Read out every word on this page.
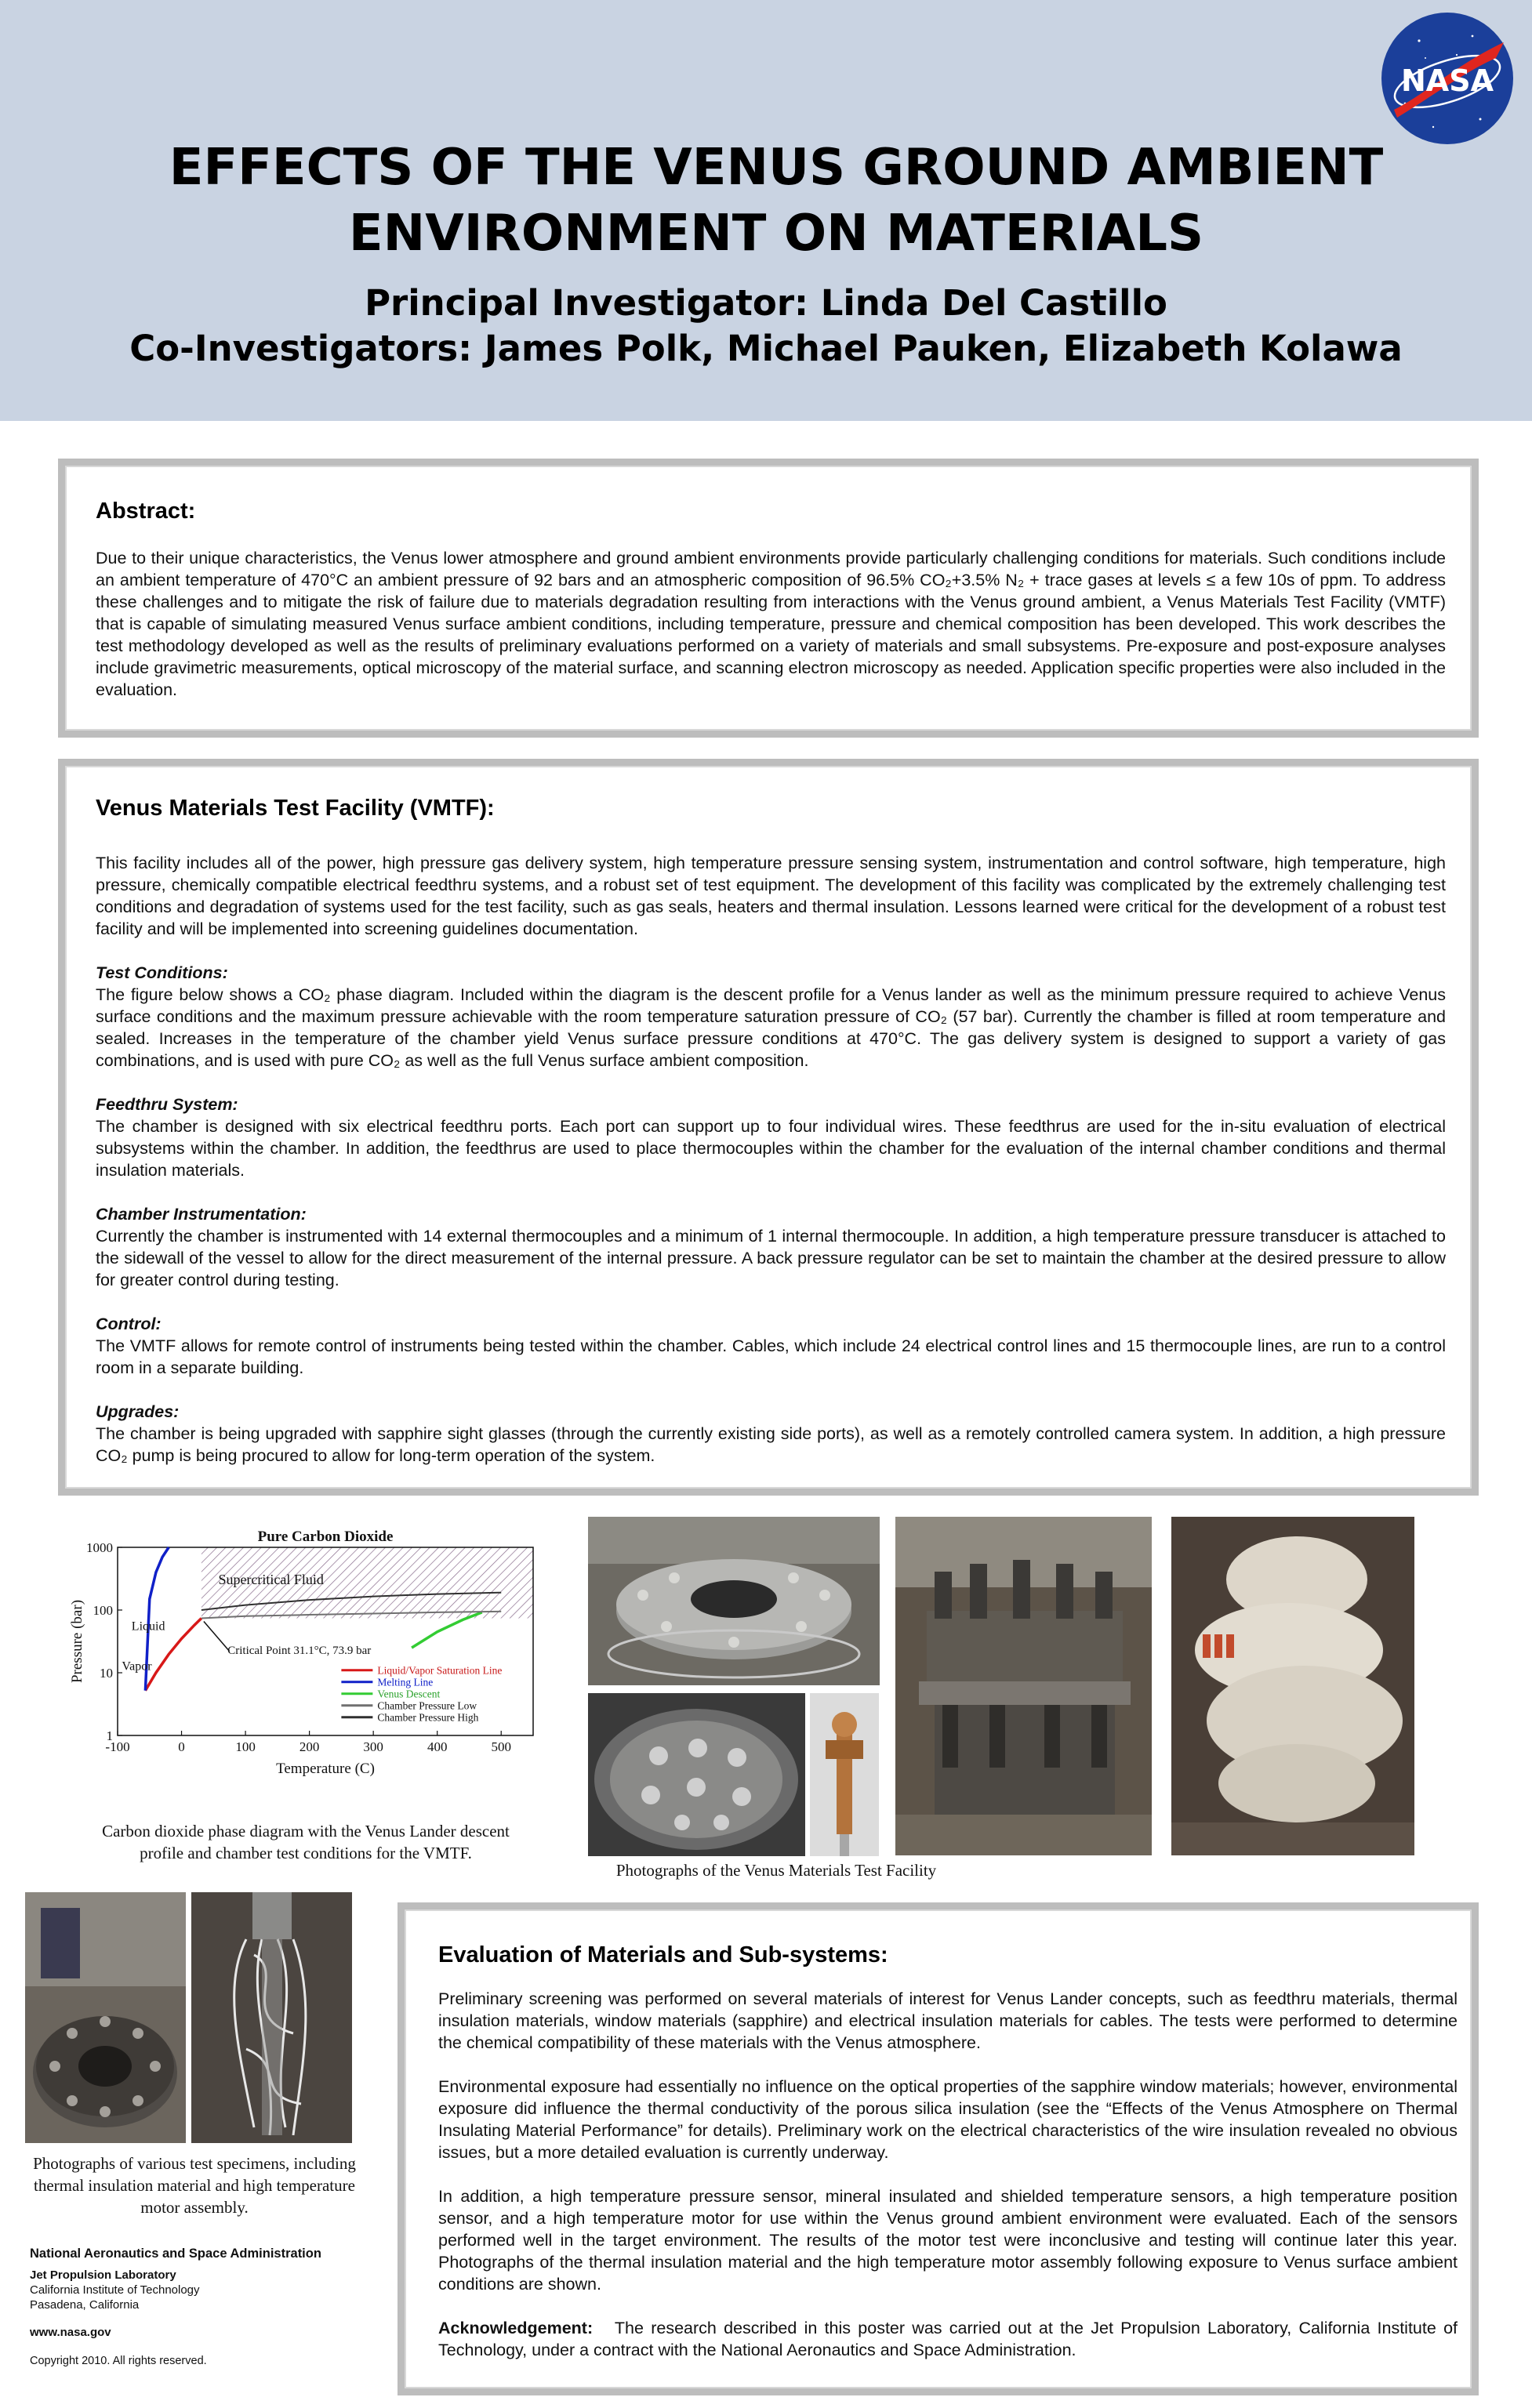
EFFECTS OF THE VENUS GROUND AMBIENT
ENVIRONMENT ON MATERIALS
Principal Investigator: Linda Del Castillo
Co-Investigators: James Polk, Michael Pauken, Elizabeth Kolawa
NASA
Abstract:
Due to their unique characteristics, the Venus lower atmosphere and ground ambient environments provide particularly challenging conditions for materials. Such conditions include an ambient temperature of 470°C an ambient pressure of 92 bars and an atmospheric composition of 96.5% CO₂+3.5% N₂ + trace gases at levels ≤ a few 10s of ppm. To address these challenges and to mitigate the risk of failure due to materials degradation resulting from interactions with the Venus ground ambient, a Venus Materials Test Facility (VMTF) that is capable of simulating measured Venus surface ambient conditions, including temperature, pressure and chemical composition has been developed. This work describes the test methodology developed as well as the results of preliminary evaluations performed on a variety of materials and small subsystems. Pre-exposure and post-exposure analyses include gravimetric measurements, optical microscopy of the material surface, and scanning electron microscopy as needed. Application specific properties were also included in the evaluation.
Venus Materials Test Facility (VMTF):

This facility includes all of the power, high pressure gas delivery system, high temperature pressure sensing system, instrumentation and control software, high temperature, high pressure, chemically compatible electrical feedthru systems, and a robust set of test equipment. The development of this facility was complicated by the extremely challenging test conditions and degradation of systems used for the test facility, such as gas seals, heaters and thermal insulation. Lessons learned were critical for the development of a robust test facility and will be implemented into screening guidelines documentation.

Test Conditions:

The figure below shows a CO₂ phase diagram. Included within the diagram is the descent profile for a Venus lander as well as the minimum pressure required to achieve Venus surface conditions and the maximum pressure achievable with the room temperature saturation pressure of CO₂ (57 bar). Currently the chamber is filled at room temperature and sealed. Increases in the temperature of the chamber yield Venus surface pressure conditions at 470°C. The gas delivery system is designed to support a variety of gas combinations, and is used with pure CO₂ as well as the full Venus surface ambient composition.

Feedthru System:

The chamber is designed with six electrical feedthru ports. Each port can support up to four individual wires. These feedthrus are used for the in-situ evaluation of electrical subsystems within the chamber. In addition, the feedthrus are used to place thermocouples within the chamber for the evaluation of the internal chamber conditions and thermal insulation materials.

Chamber Instrumentation:

Currently the chamber is instrumented with 14 external thermocouples and a minimum of 1 internal thermocouple. In addition, a high temperature pressure transducer is attached to the sidewall of the vessel to allow for the direct measurement of the internal pressure. A back pressure regulator can be set to maintain the chamber at the desired pressure to allow for greater control during testing.

Control:

The VMTF allows for remote control of instruments being tested within the chamber. Cables, which include 24 electrical control lines and 15 thermocouple lines, are run to a control room in a separate building.

Upgrades:

The chamber is being upgraded with sapphire sight glasses (through the currently existing side ports), as well as a remotely controlled camera system. In addition, a high pressure CO₂ pump is being procured to allow for long-term operation of the system.

Pure Carbon Dioxide
-100	0	100	200	300	400	500
1
10
100
1000
Temperature (C)
Pressure (bar)	Critical Point 31.1°C, 73.9 bar
Supercritical Fluid
Liquid
Vapor	Liquid/Vapor Saturation Line
Melting Line
Venus Descent
Chamber Pressure Low
Chamber Pressure High
Carbon dioxide phase diagram with the Venus Lander descent profile and chamber test conditions for the VMTF.
Photographs of the Venus Materials Test Facility
Photographs of various test specimens, including thermal insulation material and high temperature motor assembly.
Evaluation of Materials and Sub-systems:

Preliminary screening was performed on several materials of interest for Venus Lander concepts, such as feedthru materials, thermal insulation materials, window materials (sapphire) and electrical insulation materials for cables. The tests were performed to determine the chemical compatibility of these materials with the Venus atmosphere.

Environmental exposure had essentially no influence on the optical properties of the sapphire window materials; however, environmental exposure did influence the thermal conductivity of the porous silica insulation (see the “Effects of the Venus Atmosphere on Thermal Insulating Material Performance” for details). Preliminary work on the electrical characteristics of the wire insulation revealed no obvious issues, but a more detailed evaluation is currently underway.

In addition, a high temperature pressure sensor, mineral insulated and shielded temperature sensors, a high temperature position sensor, and a high temperature motor for use within the Venus ground ambient environment were evaluated. Each of the sensors performed well in the target environment. The results of the motor test were inconclusive and testing will continue later this year. Photographs of the thermal insulation material and the high temperature motor assembly following exposure to Venus surface ambient conditions are shown.

Acknowledgement: The research described in this poster was carried out at the Jet Propulsion Laboratory, California Institute of Technology, under a contract with the National Aeronautics and Space Administration.

National Aeronautics and Space Administration
Jet Propulsion Laboratory
California Institute of Technology
Pasadena, California
www.nasa.gov
Copyright 2010. All rights reserved.
